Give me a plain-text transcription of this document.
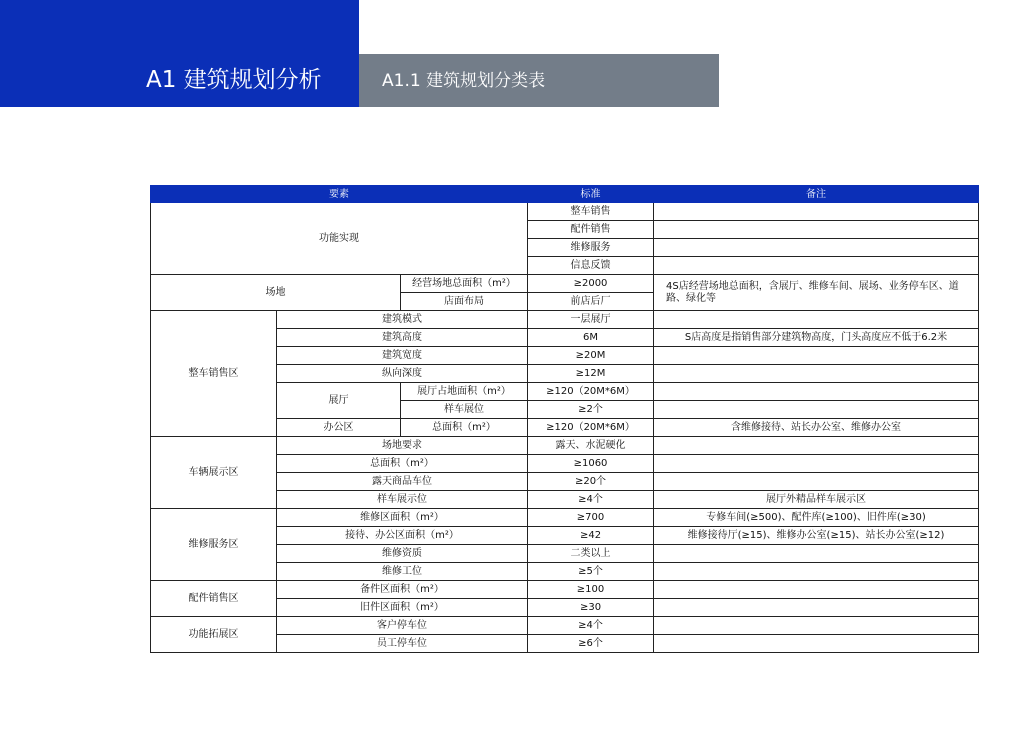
A1 建筑规划分析	A1.1 建筑规划分类表
要素			标准	备注
功能实现			整车销售	
			配件销售	
			维修服务	
			信息反馈	
场地		经营场地总面积（m²）	≥2000	4S店经营场地总面积，含展厅、维修车间、展场、业务停车区、道路、绿化等
		店面布局	前店后厂	
整车销售区	建筑模式		一层展厅	
	建筑高度		6M	S店高度是指销售部分建筑物高度，门头高度应不低于6.2米
	建筑宽度		≥20M	
	纵向深度		≥12M	
	展厅	展厅占地面积（m²）	≥120（20M*6M）	
		样车展位	≥2个	
	办公区	总面积（m²）	≥120（20M*6M）	含维修接待、站长办公室、维修办公室
车辆展示区	场地要求		露天、水泥硬化	
	总面积（m²）		≥1060	
	露天商品车位		≥20个	
	样车展示位		≥4个	展厅外精品样车展示区
维修服务区	维修区面积（m²）		≥700	专修车间(≥500)、配件库(≥100)、旧件库(≥30)
	接待、办公区面积（m²）		≥42	维修接待厅(≥15)、维修办公室(≥15)、站长办公室(≥12)
	维修资质		二类以上	
	维修工位		≥5个	
配件销售区	备件区面积（m²）		≥100	
	旧件区面积（m²）		≥30	
功能拓展区	客户停车位		≥4个	
	员工停车位		≥6个	
